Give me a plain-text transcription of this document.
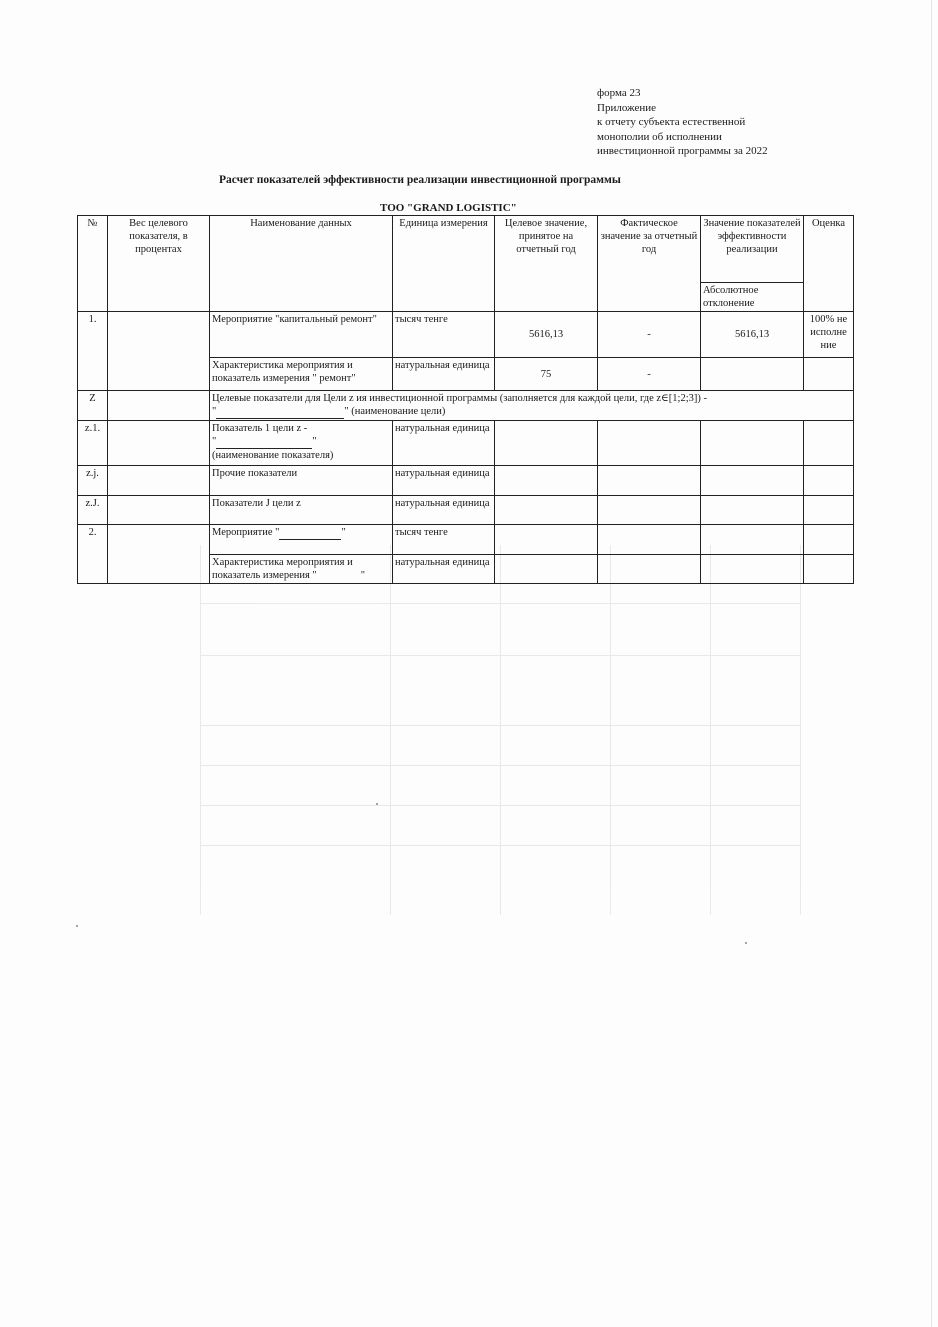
форма 23
Приложение
к отчету субъекта естественной
монополии об исполнении
инвестиционной программы за 2022
Расчет показателей эффективности реализации инвестиционной программы
ТОО "GRAND LOGISTIC"
№	Вес целевого показателя, в процентах	Наименование данных	Единица измерения	Целевое значение, принятое на отчетный год	Фактическое значение за отчетный год	Значение показателей эффективности реализации	Оценка
						Абсолютное отклонение	
1.		Мероприятие "капитальный ремонт"	тысяч тенге	5616,13	-	5616,13	100% не исполне ние
		Характеристика мероприятия и показатель измерения " ремонт"	натуральная единица	75	-		
Z		Целевые показатели для Цели z ия инвестиционной программы (заполняется для каждой цели, где z∈[1;2;3]) -
" " (наименование цели)					

z.1.		Показатель 1 цели z -
" "
(наименование показателя)	натуральная единица				
z.j.		Прочие показатели	натуральная единица				
z.J.		Показатели J цели z	натуральная единица				
2.		Мероприятие " "	тысяч тенге				

		Характеристика мероприятия и
показатель измерения " "	натуральная единица				
